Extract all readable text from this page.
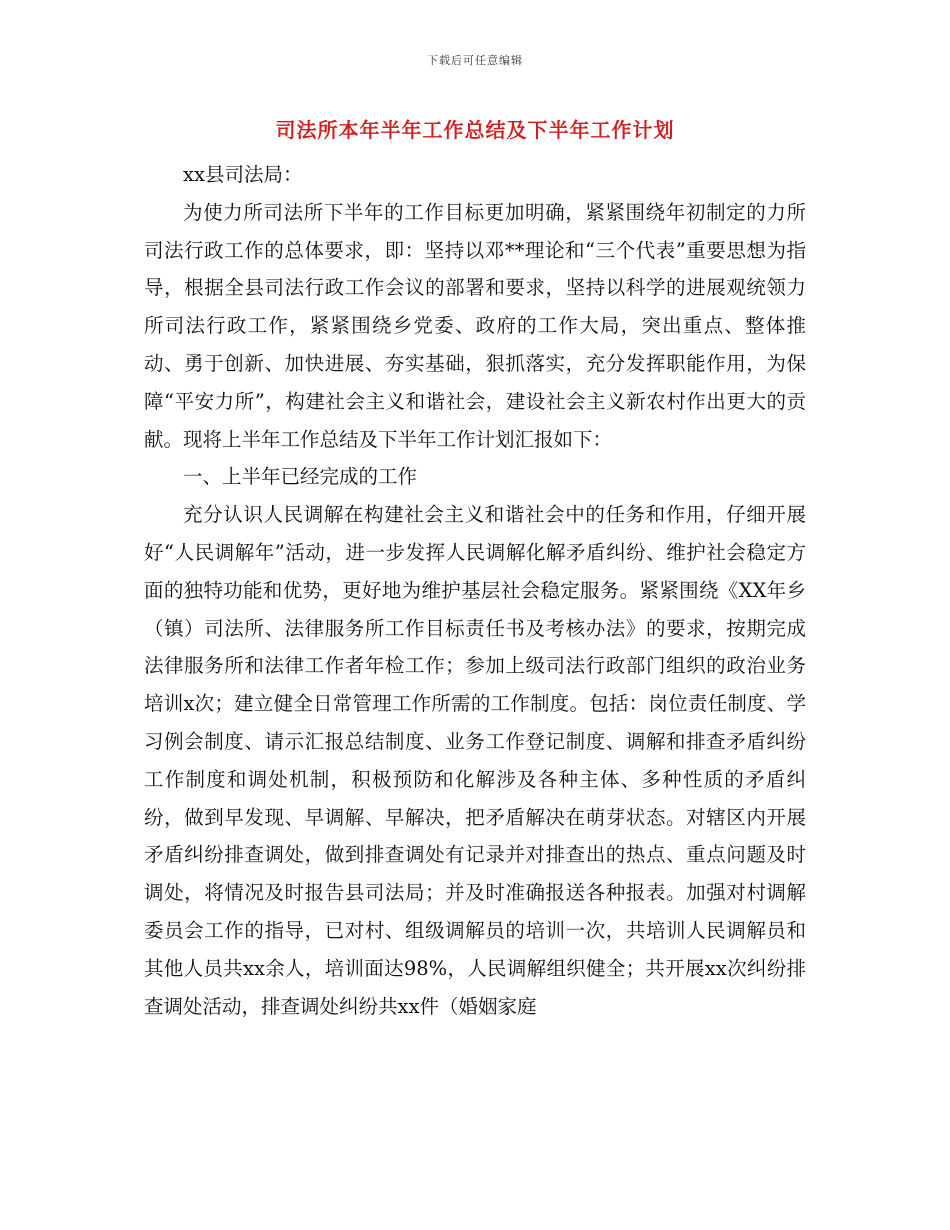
下载后可任意编辑
司法所本年半年工作总结及下半年工作计划

xx县司法局：

为使力所司法所下半年的工作目标更加明确，紧紧围绕年初制定的力所司法行政工作的总体要求，即：坚持以邓**理论和“三个代表”重要思想为指导，根据全县司法行政工作会议的部署和要求，坚持以科学的进展观统领力所司法行政工作，紧紧围绕乡党委、政府的工作大局，突出重点、整体推动、勇于创新、加快进展、夯实基础，狠抓落实，充分发挥职能作用，为保障“平安力所”，构建社会主义和谐社会，建设社会主义新农村作出更大的贡献。现将上半年工作总结及下半年工作计划汇报如下：

一、上半年已经完成的工作

充分认识人民调解在构建社会主义和谐社会中的任务和作用，仔细开展好“人民调解年”活动，进一步发挥人民调解化解矛盾纠纷、维护社会稳定方面的独特功能和优势，更好地为维护基层社会稳定服务。紧紧围绕《XX年乡（镇）司法所、法律服务所工作目标责任书及考核办法》的要求，按期完成法律服务所和法律工作者年检工作；参加上级司法行政部门组织的政治业务培训x次；建立健全日常管理工作所需的工作制度。包括：岗位责任制度、学习例会制度、请示汇报总结制度、业务工作登记制度、调解和排查矛盾纠纷工作制度和调处机制，积极预防和化解涉及各种主体、多种性质的矛盾纠纷，做到早发现、早调解、早解决，把矛盾解决在萌芽状态。对辖区内开展矛盾纠纷排查调处，做到排查调处有记录并对排查出的热点、重点问题及时调处，将情况及时报告县司法局；并及时准确报送各种报表。加强对村调解委员会工作的指导，已对村、组级调解员的培训一次，共培训人民调解员和其他人员共xx余人，培训面达98%，人民调解组织健全；共开展xx次纠纷排查调处活动，排查调处纠纷共xx件（婚姻家庭
